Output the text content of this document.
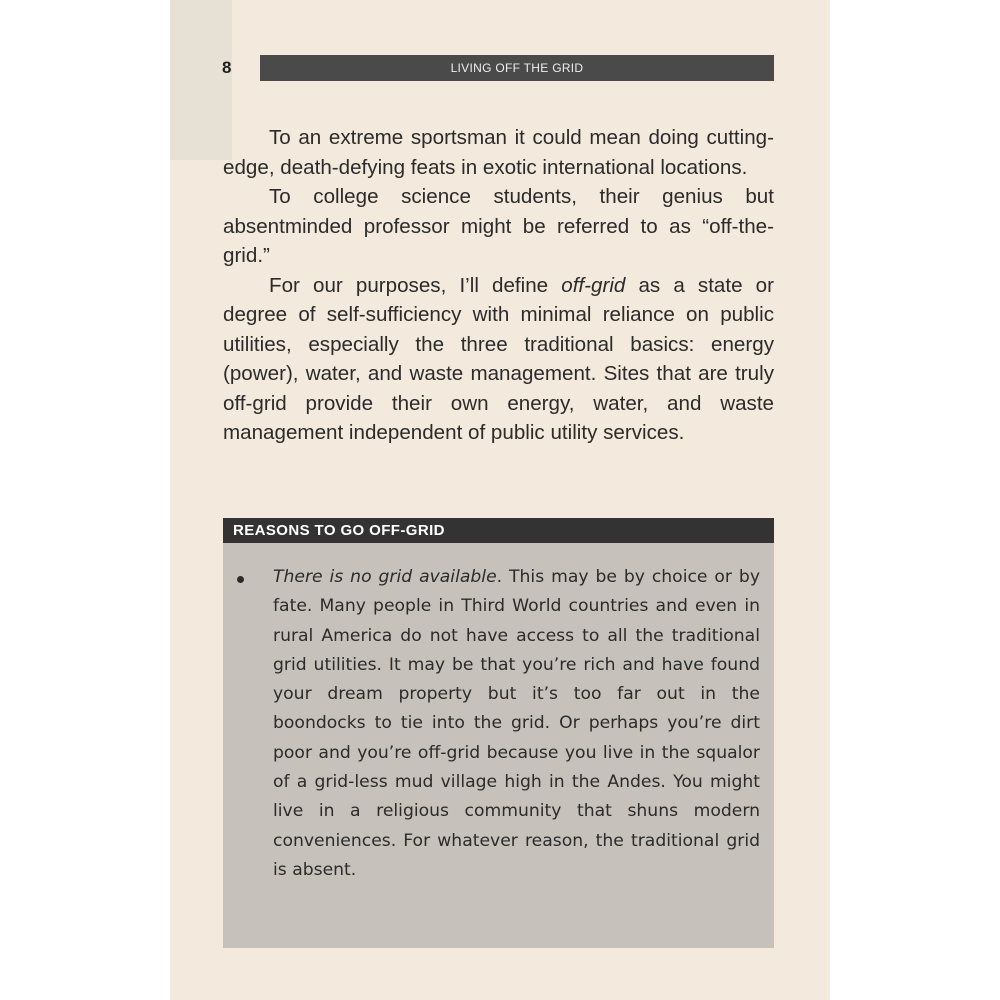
8	LIVING OFF THE GRID

To an extreme sportsman it could mean doing cutting-edge, death-defying feats in exotic international locations.

To college science students, their genius but absentminded professor might be referred to as “off-the-grid.”

For our purposes, I’ll define off-grid as a state or degree of self-sufficiency with minimal reliance on public utilities, especially the three traditional basics: energy (power), water, and waste management. Sites that are truly off-grid provide their own energy, water, and waste management independent of public utility services.

REASONS TO GO OFF-GRID
There is no grid available. This may be by choice or by fate. Many people in Third World countries and even in rural America do not have access to all the traditional grid utilities. It may be that you’re rich and have found your dream property but it’s too far out in the boondocks to tie into the grid. Or perhaps you’re dirt poor and you’re off-grid because you live in the squalor of a grid-less mud village high in the Andes. You might live in a religious community that shuns modern conveniences. For whatever reason, the traditional grid is absent.
